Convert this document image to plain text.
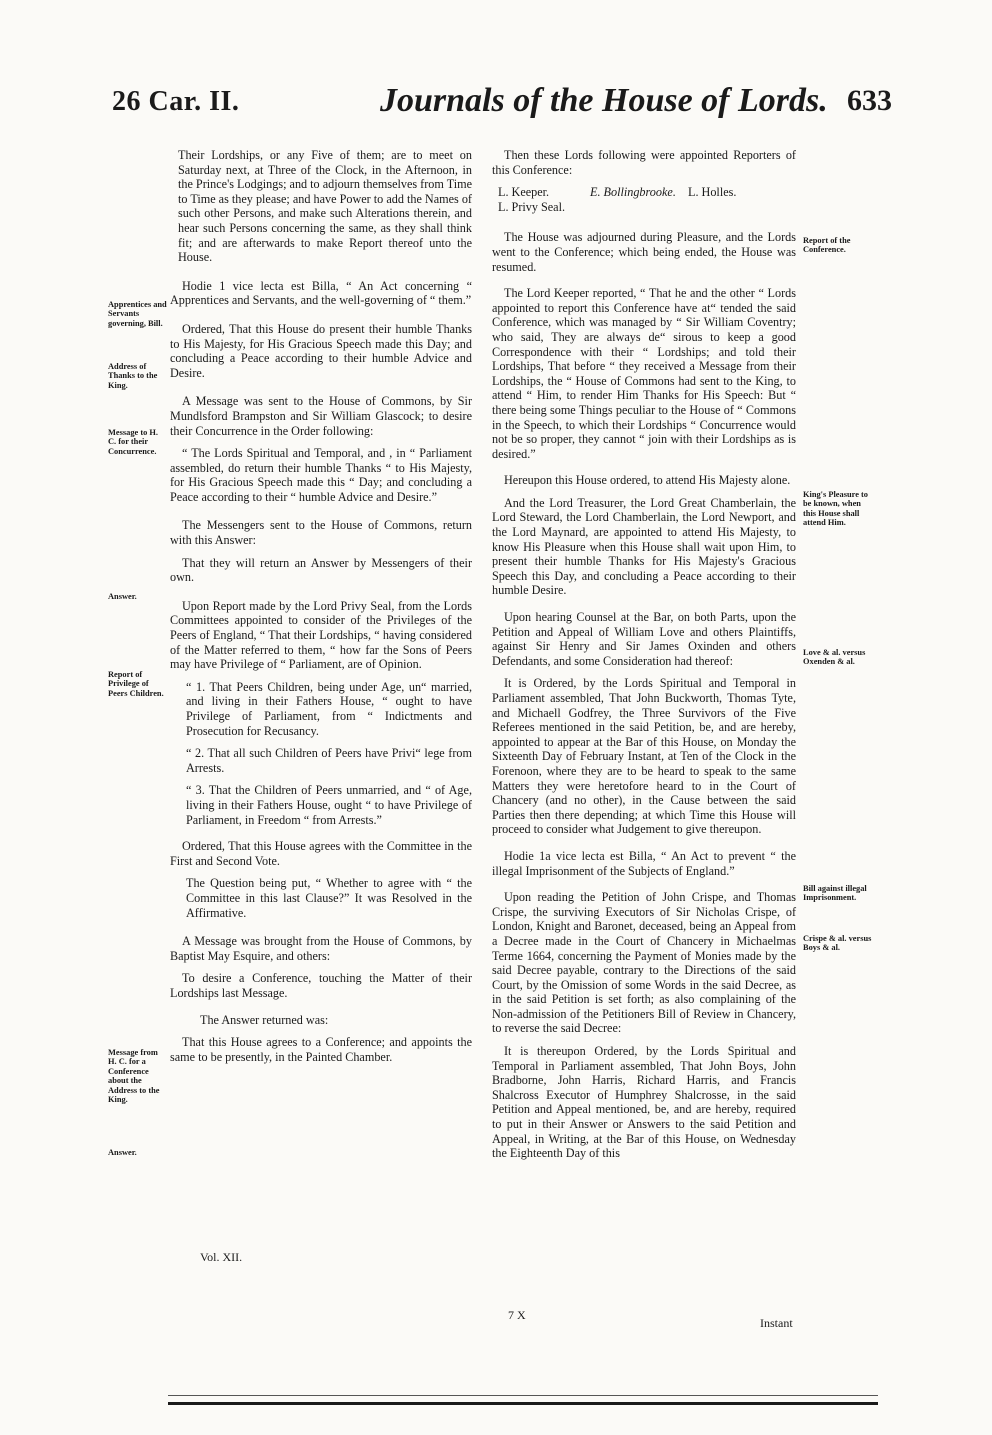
26 Car. II.	Journals of the House of Lords. 633
Apprentices and Servants governing, Bill.
Address of Thanks to the King.
Message to H. C. for their Concurrence.
Answer.
Report of Privilege of Peers Children.
Message from H. C. for a Conference about the Address to the King.
Answer.
Report of the Conference.
King's Pleasure to be known, when this House shall attend Him.
Love & al. versus Oxenden & al.
Bill against illegal Imprisonment.
Crispe & al. versus Boys & al.

Their Lordships, or any Five of them; are to meet on Saturday next, at Three of the Clock, in the Afternoon, in the Prince's Lodgings; and to adjourn themselves from Time to Time as they please; and have Power to add the Names of such other Persons, and make such Alterations therein, and hear such Persons concerning the same, as they shall think fit; and are afterwards to make Report thereof unto the House.

Hodie 1 vice lecta est Billa, “ An Act concerning “ Apprentices and Servants, and the well-governing of “ them.”

Ordered, That this House do present their humble Thanks to His Majesty, for His Gracious Speech made this Day; and concluding a Peace according to their humble Advice and Desire.

A Message was sent to the House of Commons, by Sir Mundlsford Brampston and Sir William Glascock; to desire their Concurrence in the Order following:

“ The Lords Spiritual and Temporal, and , in “ Parliament assembled, do return their humble Thanks “ to His Majesty, for His Gracious Speech made this “ Day; and concluding a Peace according to their “ humble Advice and Desire.”

The Messengers sent to the House of Commons, return with this Answer:

That they will return an Answer by Messengers of their own.

Upon Report made by the Lord Privy Seal, from the Lords Committees appointed to consider of the Privileges of the Peers of England, “ That their Lordships, “ having considered of the Matter referred to them, “ how far the Sons of Peers may have Privilege of “ Parliament, are of Opinion.

“ 1. That Peers Children, being under Age, un“ married, and living in their Fathers House, “ ought to have Privilege of Parliament, from “ Indictments and Prosecution for Recusancy.

“ 2. That all such Children of Peers have Privi“ lege from Arrests.

“ 3. That the Children of Peers unmarried, and “ of Age, living in their Fathers House, ought “ to have Privilege of Parliament, in Freedom “ from Arrests.”

Ordered, That this House agrees with the Committee in the First and Second Vote.

The Question being put, “ Whether to agree with “ the Committee in this last Clause?” It was Resolved in the Affirmative.

A Message was brought from the House of Commons, by Baptist May Esquire, and others:

To desire a Conference, touching the Matter of their Lordships last Message.

The Answer returned was:

That this House agrees to a Conference; and appoints the same to be presently, in the Painted Chamber.

Then these Lords following were appointed Reporters of this Conference:

L. Keeper.	E. Bollingbrooke. L. Holles.
L. Privy Seal.

The House was adjourned during Pleasure, and the Lords went to the Conference; which being ended, the House was resumed.

The Lord Keeper reported, “ That he and the other “ Lords appointed to report this Conference have at“ tended the said Conference, which was managed by “ Sir William Coventry; who said, They are always de“ sirous to keep a good Correspondence with their “ Lordships; and told their Lordships, That before “ they received a Message from their Lordships, the “ House of Commons had sent to the King, to attend “ Him, to render Him Thanks for His Speech: But “ there being some Things peculiar to the House of “ Commons in the Speech, to which their Lordships “ Concurrence would not be so proper, they cannot “ join with their Lordships as is desired.”

Hereupon this House ordered, to attend His Majesty alone.

And the Lord Treasurer, the Lord Great Chamberlain, the Lord Steward, the Lord Chamberlain, the Lord Newport, and the Lord Maynard, are appointed to attend His Majesty, to know His Pleasure when this House shall wait upon Him, to present their humble Thanks for His Majesty's Gracious Speech this Day, and concluding a Peace according to their humble Desire.

Upon hearing Counsel at the Bar, on both Parts, upon the Petition and Appeal of William Love and others Plaintiffs, against Sir Henry and Sir James Oxinden and others Defendants, and some Consideration had thereof:

It is Ordered, by the Lords Spiritual and Temporal in Parliament assembled, That John Buckworth, Thomas Tyte, and Michaell Godfrey, the Three Survivors of the Five Referees mentioned in the said Petition, be, and are hereby, appointed to appear at the Bar of this House, on Monday the Sixteenth Day of February Instant, at Ten of the Clock in the Forenoon, where they are to be heard to speak to the same Matters they were heretofore heard to in the Court of Chancery (and no other), in the Cause between the said Parties then there depending; at which Time this House will proceed to consider what Judgement to give thereupon.

Hodie 1a vice lecta est Billa, “ An Act to prevent “ the illegal Imprisonment of the Subjects of England.”

Upon reading the Petition of John Crispe, and Thomas Crispe, the surviving Executors of Sir Nicholas Crispe, of London, Knight and Baronet, deceased, being an Appeal from a Decree made in the Court of Chancery in Michaelmas Terme 1664, concerning the Payment of Monies made by the said Decree payable, contrary to the Directions of the said Court, by the Omission of some Words in the said Decree, as in the said Petition is set forth; as also complaining of the Non-admission of the Petitioners Bill of Review in Chancery, to reverse the said Decree:

It is thereupon Ordered, by the Lords Spiritual and Temporal in Parliament assembled, That John Boys, John Bradborne, John Harris, Richard Harris, and Francis Shalcross Executor of Humphrey Shalcrosse, in the said Petition and Appeal mentioned, be, and are hereby, required to put in their Answer or Answers to the said Petition and Appeal, in Writing, at the Bar of this House, on Wednesday the Eighteenth Day of this

Vol. XII.
7 X
Instant
